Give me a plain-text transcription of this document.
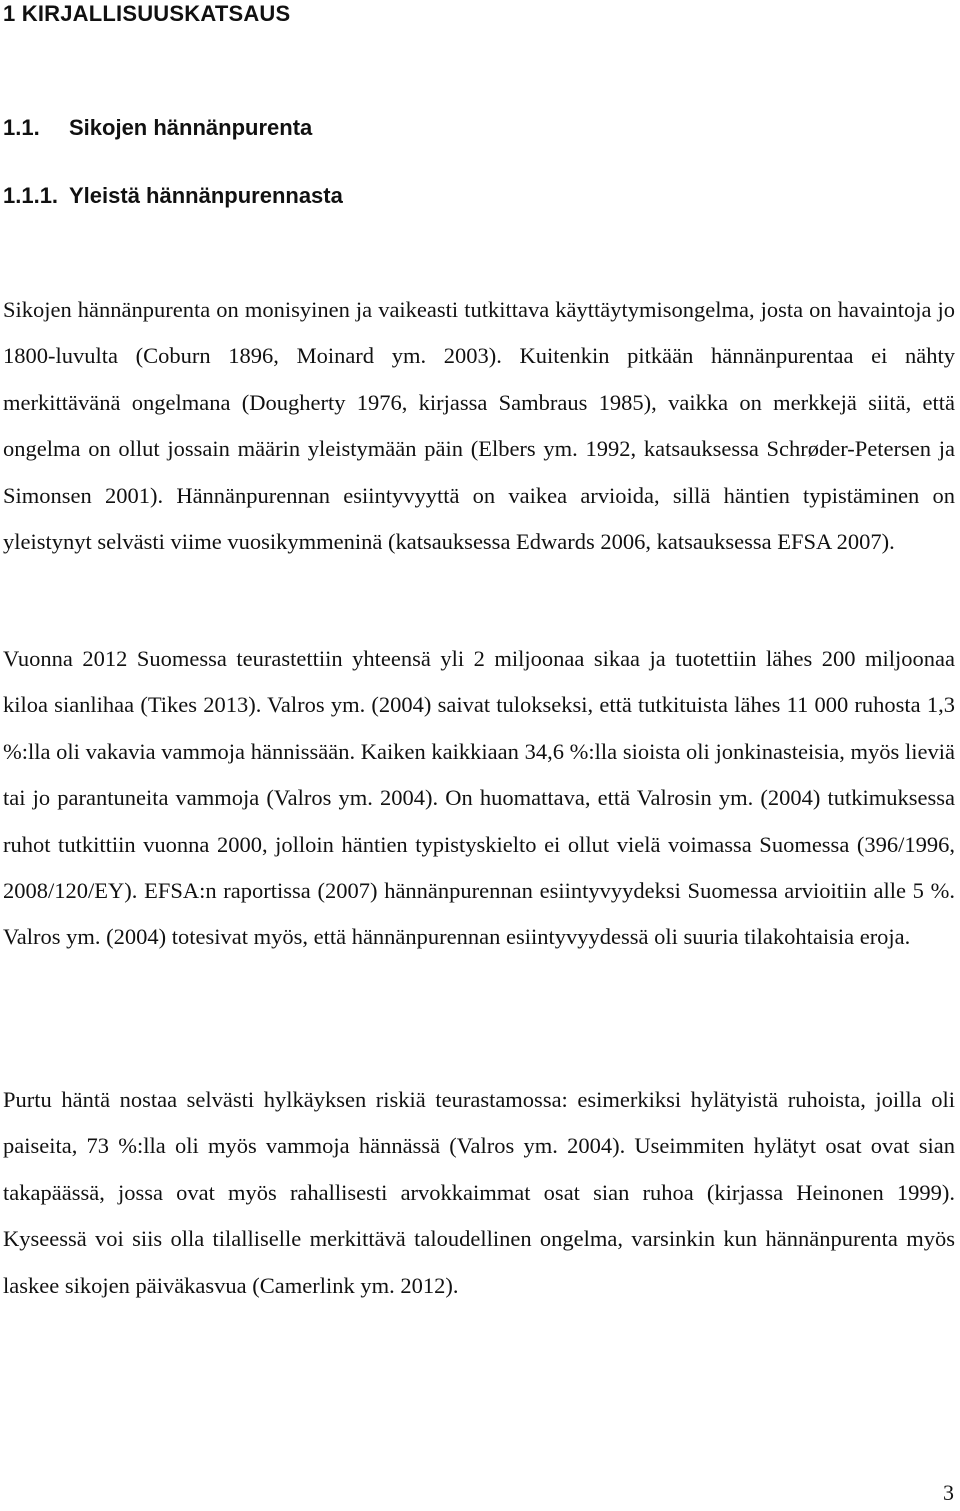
1 KIRJALLISUUSKATSAUS
1.1. Sikojen hännänpurenta
1.1.1. Yleistä hännänpurennasta

Sikojen hännänpurenta on monisyinen ja vaikeasti tutkittava käyttäytymisongelma, josta on havaintoja jo 1800-luvulta (Coburn 1896, Moinard ym. 2003). Kuitenkin pitkään hännänpurentaa ei nähty merkittävänä ongelmana (Dougherty 1976, kirjassa Sambraus 1985), vaikka on merkkejä siitä, että ongelma on ollut jossain määrin yleistymään päin (Elbers ym. 1992, katsauksessa Schrøder-Petersen ja Simonsen 2001). Hännänpurennan esiintyvyyttä on vaikea arvioida, sillä häntien typistäminen on yleistynyt selvästi viime vuosikymmeninä (katsauksessa Edwards 2006, katsauksessa EFSA 2007).

Vuonna 2012 Suomessa teurastettiin yhteensä yli 2 miljoonaa sikaa ja tuotettiin lähes 200 miljoonaa kiloa sianlihaa (Tikes 2013). Valros ym. (2004) saivat tulokseksi, että tutkituista lähes 11 000 ruhosta 1,3 %:lla oli vakavia vammoja hännissään. Kaiken kaikkiaan 34,6 %:lla sioista oli jonkinasteisia, myös lieviä tai jo parantuneita vammoja (Valros ym. 2004). On huomattava, että Valrosin ym. (2004) tutkimuksessa ruhot tutkittiin vuonna 2000, jolloin häntien typistyskielto ei ollut vielä voimassa Suomessa (396/1996, 2008/120/EY). EFSA:n raportissa (2007) hännänpurennan esiintyvyydeksi Suomessa arvioitiin alle 5 %. Valros ym. (2004) totesivat myös, että hännänpurennan esiintyvyydessä oli suuria tilakohtaisia eroja.

Purtu häntä nostaa selvästi hylkäyksen riskiä teurastamossa: esimerkiksi hylätyistä ruhoista, joilla oli paiseita, 73 %:lla oli myös vammoja hännässä (Valros ym. 2004). Useimmiten hylätyt osat ovat sian takapäässä, jossa ovat myös rahallisesti arvokkaimmat osat sian ruhoa (kirjassa Heinonen 1999). Kyseessä voi siis olla tilalliselle merkittävä taloudellinen ongelma, varsinkin kun hännänpurenta myös laskee sikojen päiväkasvua (Camerlink ym. 2012).

3
